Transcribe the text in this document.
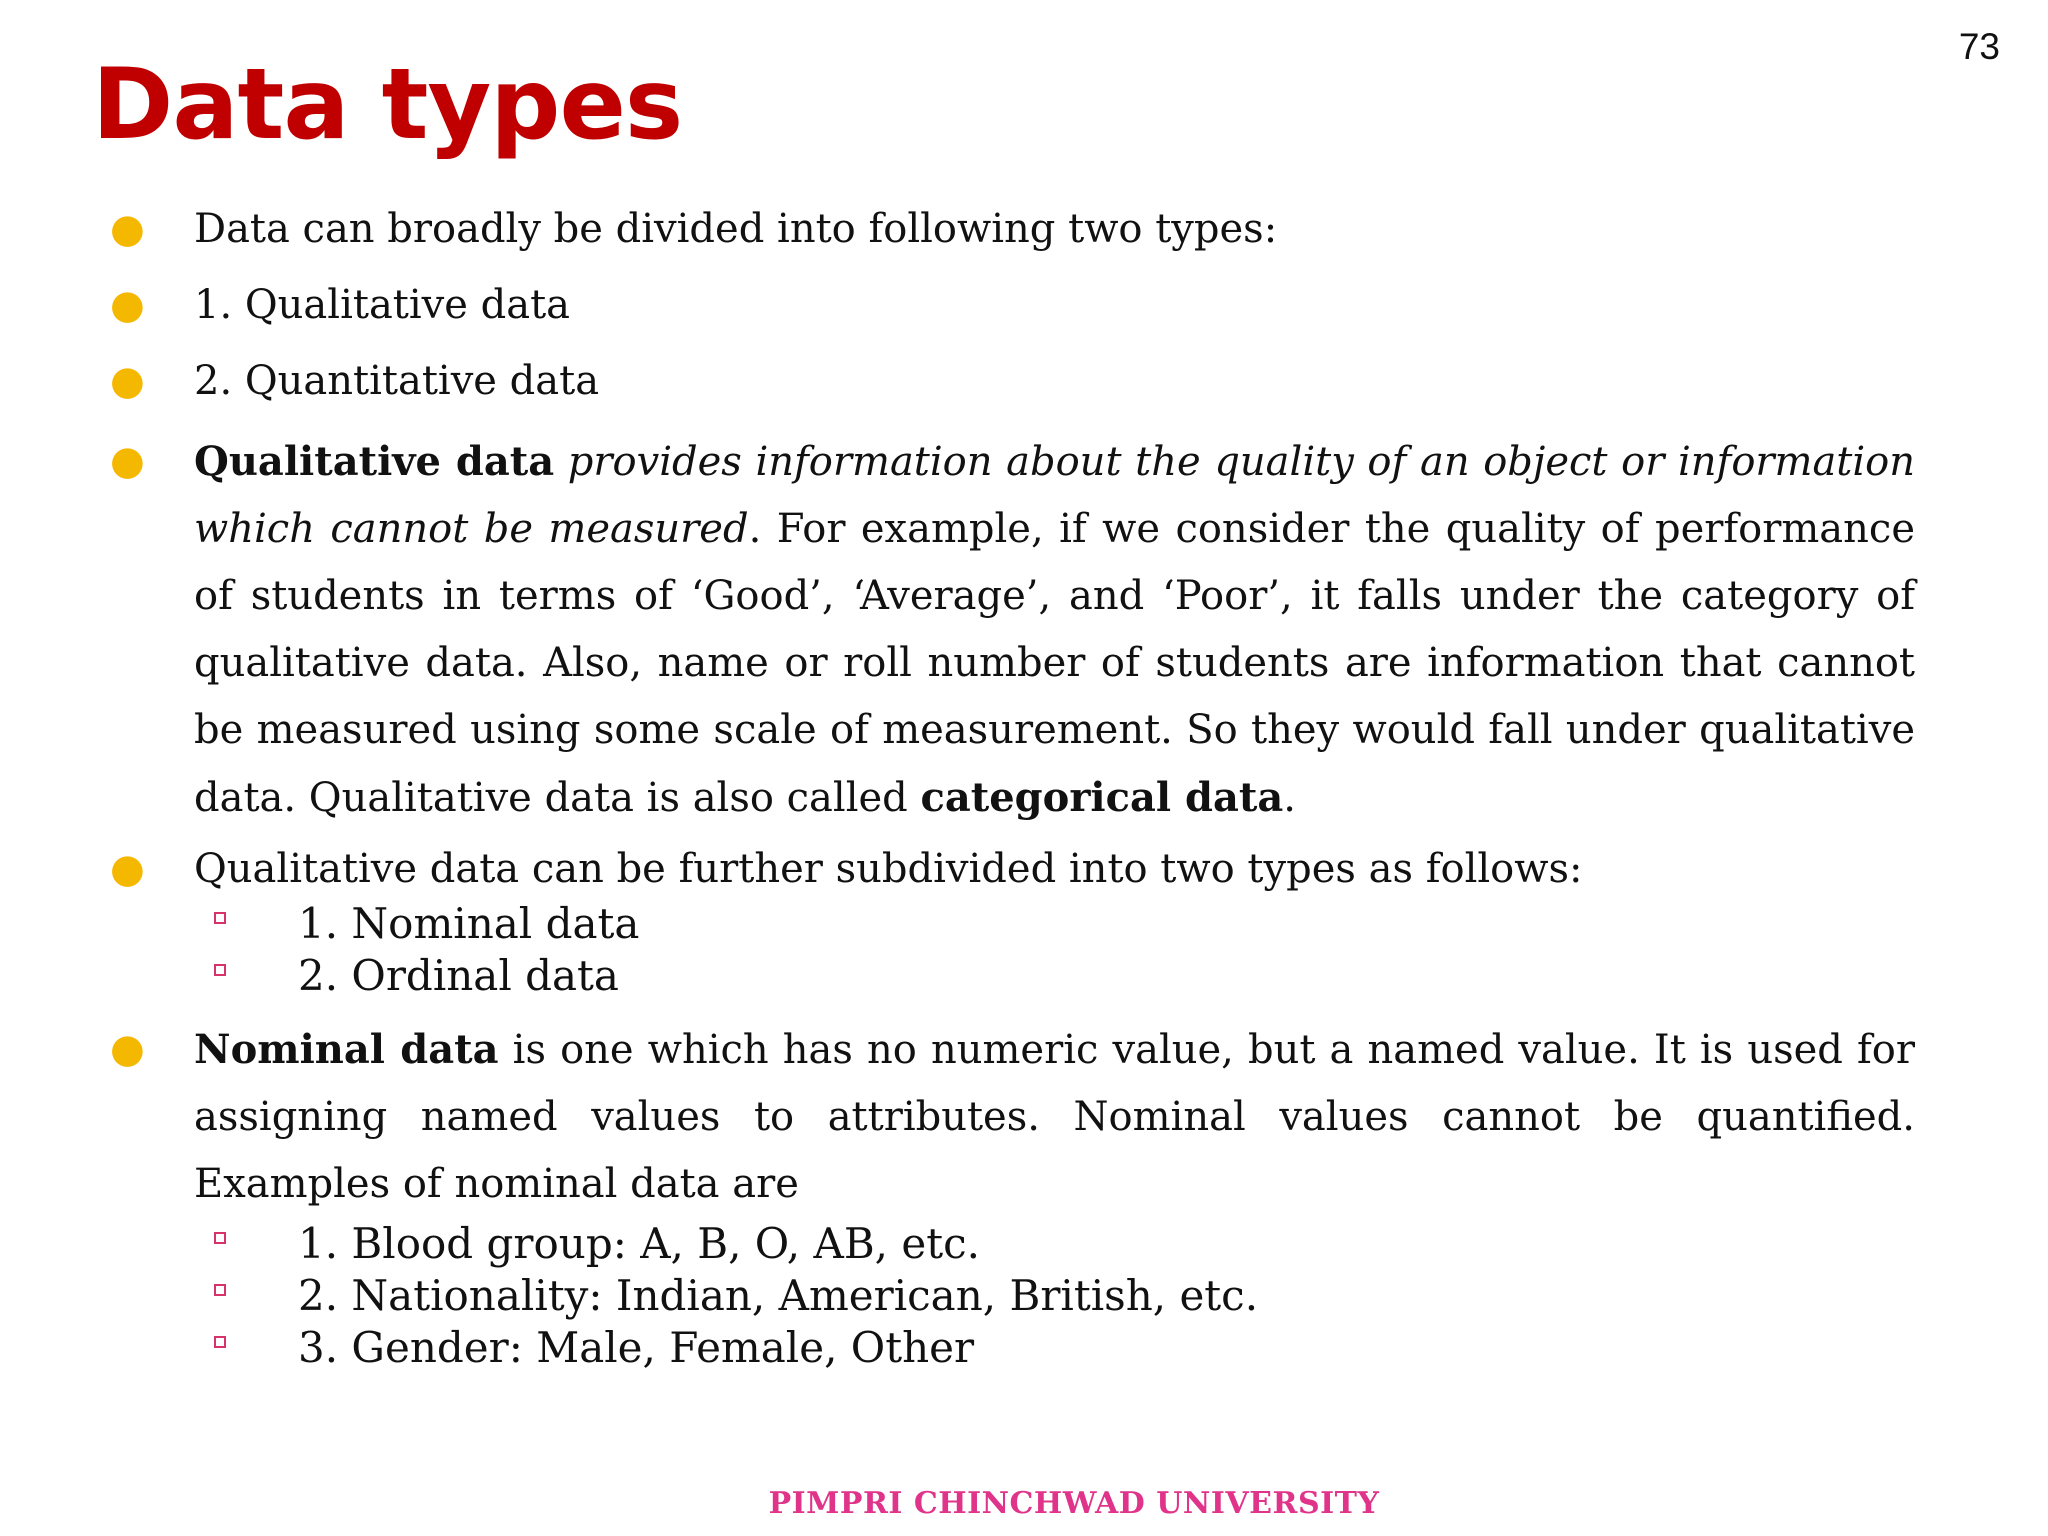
73
Data types
● Data can broadly be divided into following two types:
● 1. Qualitative data
● 2. Quantitative data
● Qualitative data provides information about the quality of an object or information which cannot be measured. For example, if we consider the quality of performance of students in terms of ‘Good’, ‘Average’, and ‘Poor’, it falls under the category of qualitative data. Also, name or roll number of students are information that cannot be measured using some scale of measurement. So they would fall under qualitative data. Qualitative data is also called categorical data.
● Qualitative data can be further subdivided into two types as follows:
1. Nominal data
2. Ordinal data
● Nominal data is one which has no numeric value, but a named value. It is used for assigning named values to attributes. Nominal values cannot be quantified. Examples of nominal data are
1. Blood group: A, B, O, AB, etc.
2. Nationality: Indian, American, British, etc.
3. Gender: Male, Female, Other
PIMPRI CHINCHWAD UNIVERSITY
